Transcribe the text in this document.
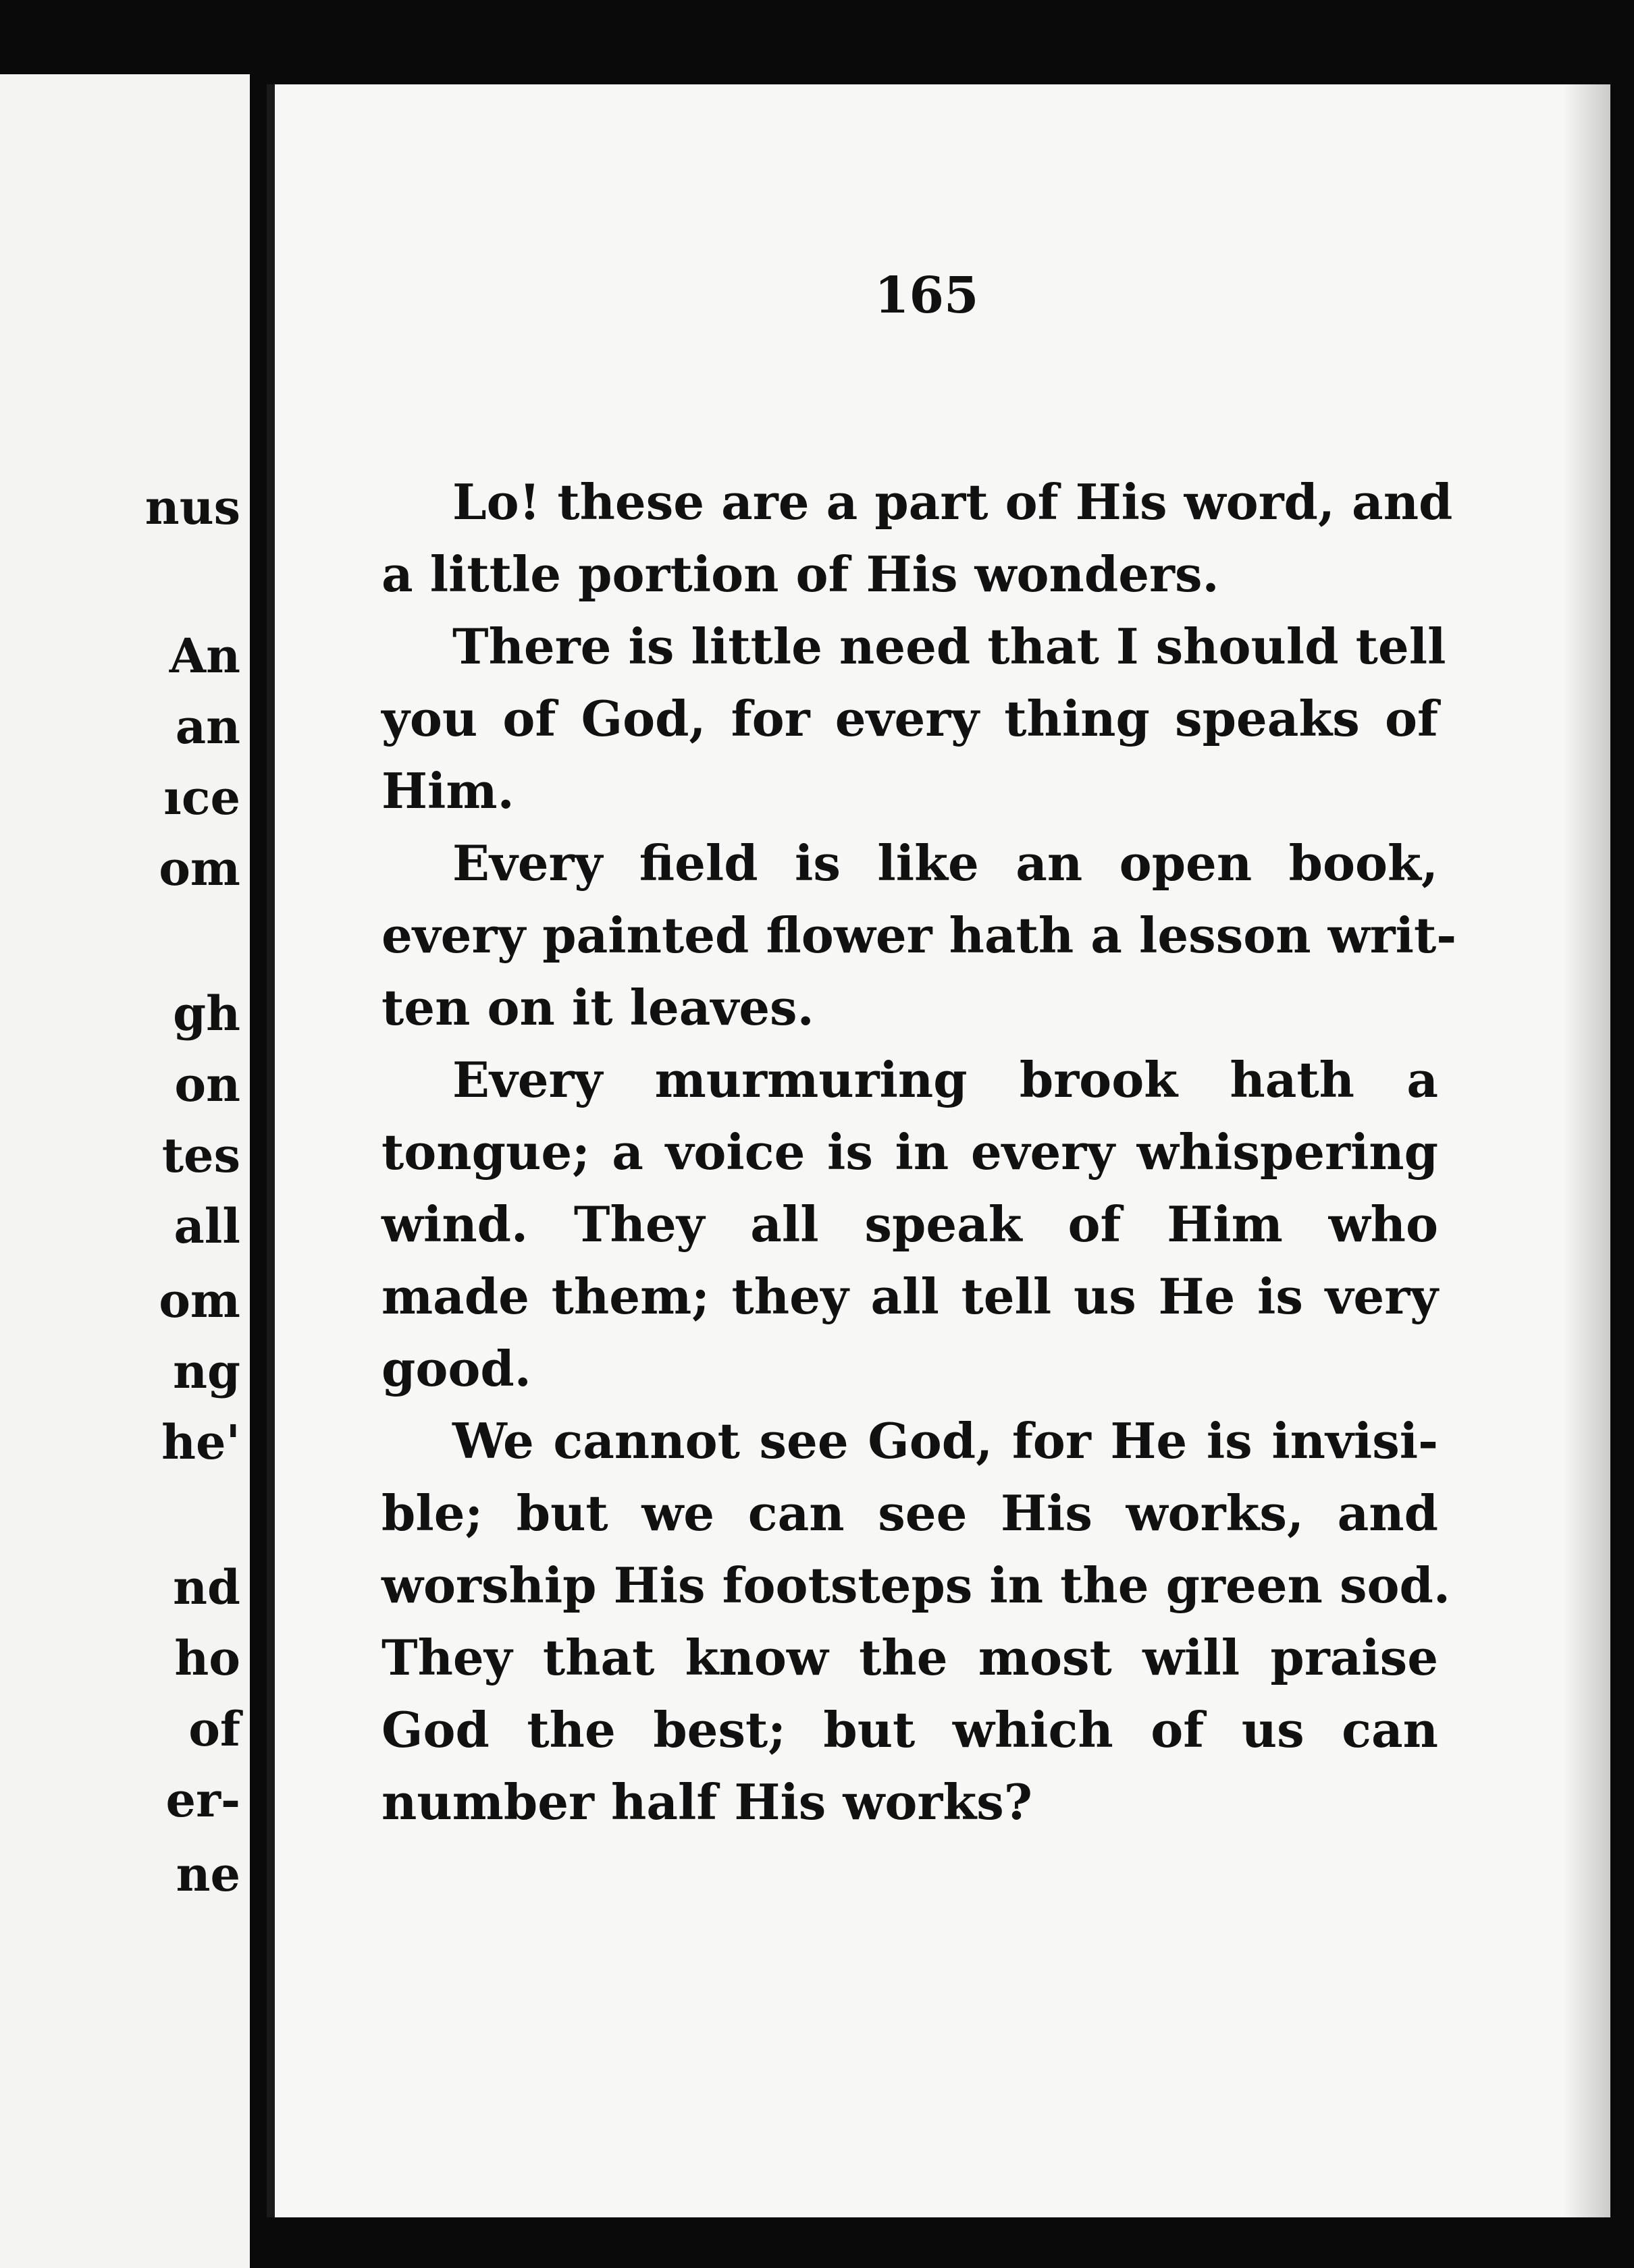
nus
An
an
ıce
om
gh
on
tes
all
om
ng
he'
nd
ho
of
er-
ne
165

Lo! these are a part of His word, and
a little portion of His wonders.

There is little need that I should tell
you of God, for every thing speaks of
Him.

Every field is like an open book,
every painted flower hath a lesson writ-
ten on it leaves.

Every murmuring brook hath a
tongue; a voice is in every whispering
wind. They all speak of Him who
made them; they all tell us He is very
good.

We cannot see God, for He is invisi-
ble; but we can see His works, and
worship His footsteps in the green sod.
They that know the most will praise
God the best; but which of us can
number half His works?
